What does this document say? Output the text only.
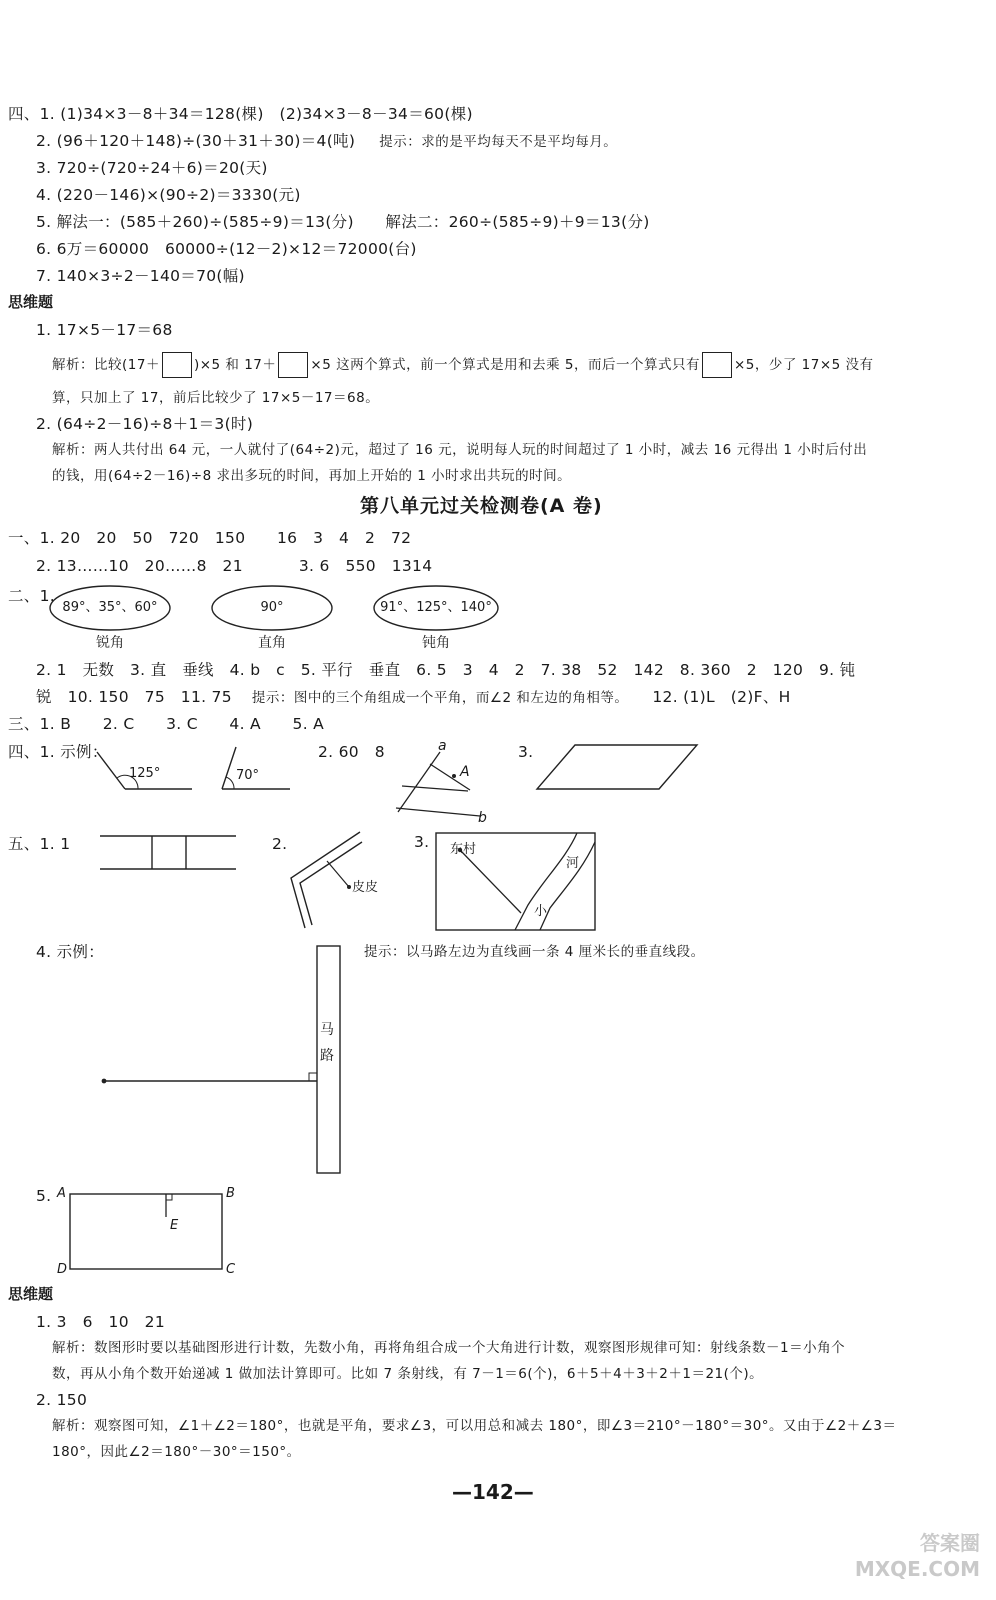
四、1. (1)34×3－8＋34＝128(棵)　(2)34×3－8－34＝60(棵)
2. (96＋120＋148)÷(30＋31＋30)＝4(吨) 提示：求的是平均每天不是平均每月。
3. 720÷(720÷24＋6)＝20(天)
4. (220－146)×(90÷2)＝3330(元)
5. 解法一：(585＋260)÷(585÷9)＝13(分)　　解法二：260÷(585÷9)＋9＝13(分)
6. 6万＝60000　60000÷(12－2)×12＝72000(台)
7. 140×3÷2－140＝70(幅)
思维题
1. 17×5－17＝68
解析：比较(17＋	)×5 和 17＋	×5 这两个算式，前一个算式是用和去乘 5，而后一个算式只有	×5，少了 17×5 没有
算，只加上了 17，前后比较少了 17×5－17＝68。
2. (64÷2－16)÷8＋1＝3(时)
解析：两人共付出 64 元，一人就付了(64÷2)元，超过了 16 元，说明每人玩的时间超过了 1 小时，减去 16 元得出 1 小时后付出
的钱，用(64÷2－16)÷8 求出多玩的时间，再加上开始的 1 小时求出共玩的时间。
第八单元过关检测卷(A 卷)
一、1. 20　20　50　720　150　　16　3　4　2　72
2. 13……10　20……8　21	3. 6　550　1314
二、1.
89°、35°、60°	90°	91°、125°、140°
锐角	直角	钝角
2. 1　无数　3. 直　垂线　4. b　c　5. 平行　垂直　6. 5　3　4　2　7. 38　52　142　8. 360　2　120　9. 钝
锐　10. 150　75　11. 75 提示：图中的三个角组成一个平角，而∠2 和左边的角相等。 12. (1)L　(2)F、H
三、1. B　　2. C　　3. C　　4. A　　5. A
四、1. 示例：
125°	70°
2. 60　8	a
A
b
3.
五、1. 1	2.
皮皮
3. 东村
河
小
4. 示例：	提示：以马路左边为直线画一条 4 厘米长的垂直线段。
马
路
5. A	B
C
D
E
思维题
1. 3　6　10　21
解析：数图形时要以基础图形进行计数，先数小角，再将角组合成一个大角进行计数，观察图形规律可知：射线条数－1＝小角个
数，再从小角个数开始递减 1 做加法计算即可。比如 7 条射线，有 7－1＝6(个)，6＋5＋4＋3＋2＋1＝21(个)。
2. 150
解析：观察图可知，∠1＋∠2＝180°，也就是平角，要求∠3，可以用总和减去 180°，即∠3＝210°－180°＝30°。又由于∠2＋∠3＝
180°，因此∠2＝180°－30°＝150°。
—142—
答案圈 MXQE.COM
